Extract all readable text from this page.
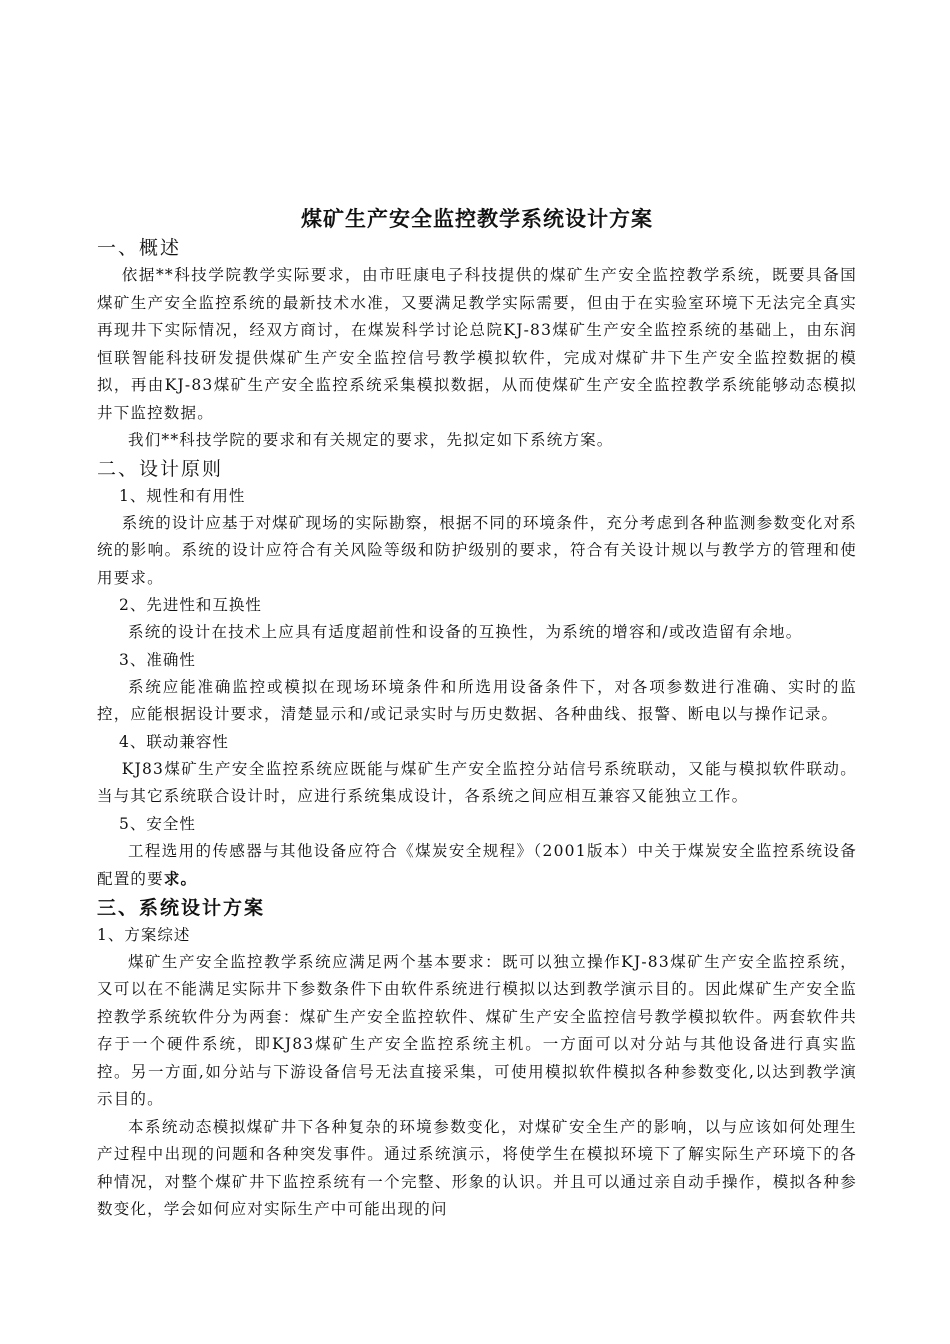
煤矿生产安全监控教学系统设计方案
一、概述

依据**科技学院教学实际要求，由市旺康电子科技提供的煤矿生产安全监控教学系统，既要具备国煤矿生产安全监控系统的最新技术水准，又要满足教学实际需要，但由于在实验室环境下无法完全真实再现井下实际情况，经双方商讨，在煤炭科学讨论总院KJ-83煤矿生产安全监控系统的基础上，由东润恒联智能科技研发提供煤矿生产安全监控信号教学模拟软件，完成对煤矿井下生产安全监控数据的模拟，再由KJ-83煤矿生产安全监控系统采集模拟数据，从而使煤矿生产安全监控教学系统能够动态模拟井下监控数据。

我们**科技学院的要求和有关规定的要求，先拟定如下系统方案。

二、设计原则
1、规性和有用性

系统的设计应基于对煤矿现场的实际勘察，根据不同的环境条件，充分考虑到各种监测参数变化对系统的影响。系统的设计应符合有关风险等级和防护级别的要求，符合有关设计规以与教学方的管理和使用要求。

2、先进性和互换性

系统的设计在技术上应具有适度超前性和设备的互换性，为系统的增容和/或改造留有余地。

3、准确性

系统应能准确监控或模拟在现场环境条件和所选用设备条件下，对各项参数进行准确、实时的监控，应能根据设计要求，清楚显示和/或记录实时与历史数据、各种曲线、报警、断电以与操作记录。

4、联动兼容性

KJ83煤矿生产安全监控系统应既能与煤矿生产安全监控分站信号系统联动，又能与模拟软件联动。当与其它系统联合设计时，应进行系统集成设计，各系统之间应相互兼容又能独立工作。

5、安全性

工程选用的传感器与其他设备应符合《煤炭安全规程》（2001版本）中关于煤炭安全监控系统设备配置的要求。

三、系统设计方案
1、方案综述

煤矿生产安全监控教学系统应满足两个基本要求：既可以独立操作KJ-83煤矿生产安全监控系统，又可以在不能满足实际井下参数条件下由软件系统进行模拟以达到教学演示目的。因此煤矿生产安全监控教学系统软件分为两套：煤矿生产安全监控软件、煤矿生产安全监控信号教学模拟软件。两套软件共存于一个硬件系统，即KJ83煤矿生产安全监控系统主机。一方面可以对分站与其他设备进行真实监控。另一方面,如分站与下游设备信号无法直接采集，可使用模拟软件模拟各种参数变化,以达到教学演示目的。

本系统动态模拟煤矿井下各种复杂的环境参数变化，对煤矿安全生产的影响，以与应该如何处理生产过程中出现的问题和各种突发事件。通过系统演示，将使学生在模拟环境下了解实际生产环境下的各种情况，对整个煤矿井下监控系统有一个完整、形象的认识。并且可以通过亲自动手操作，模拟各种参数变化，学会如何应对实际生产中可能出现的问
